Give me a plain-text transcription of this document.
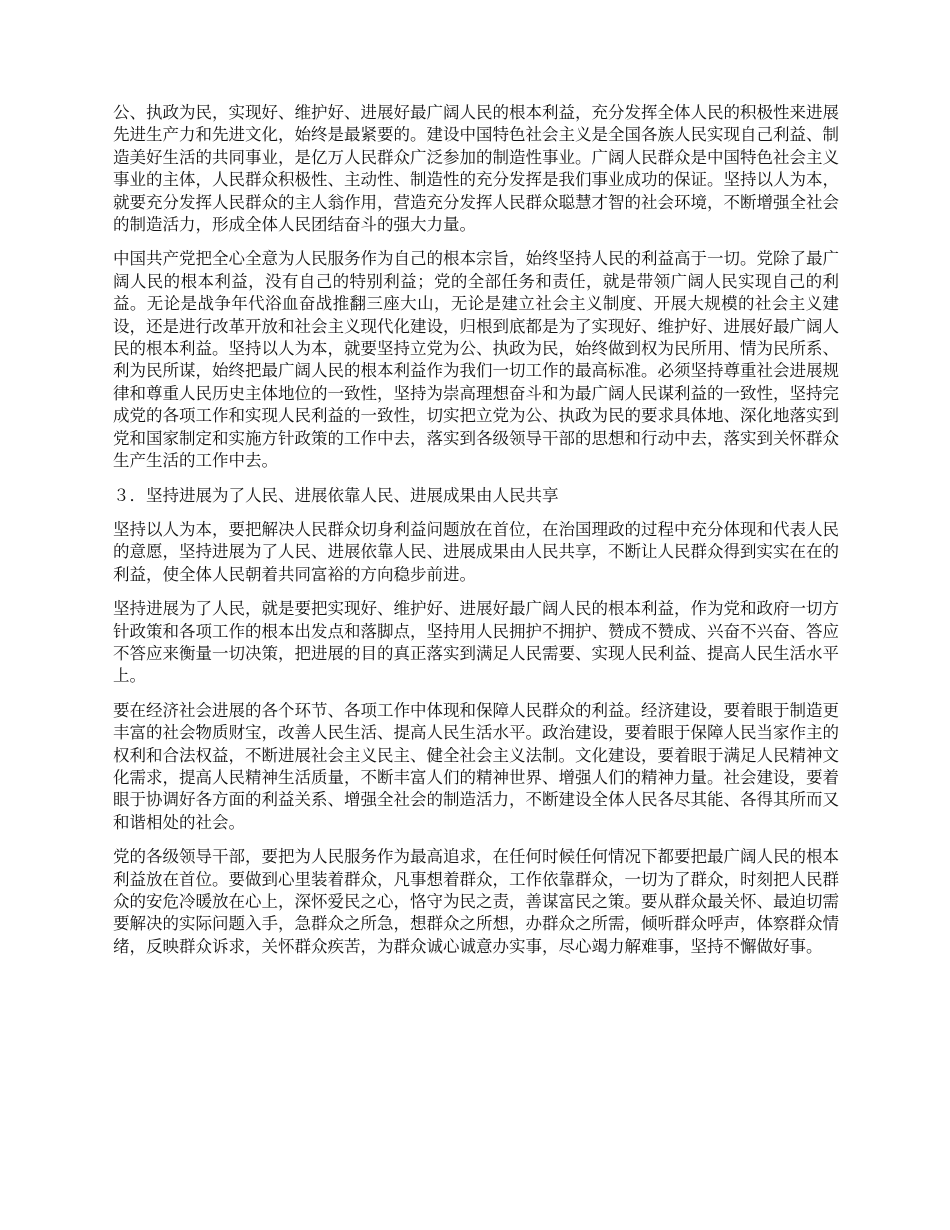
公、执政为民，实现好、维护好、进展好最广阔人民的根本利益，充分发挥全体人民的积极性来进展先进生产力和先进文化，始终是最紧要的。建设中国特色社会主义是全国各族人民实现自己利益、制造美好生活的共同事业，是亿万人民群众广泛参加的制造性事业。广阔人民群众是中国特色社会主义事业的主体，人民群众积极性、主动性、制造性的充分发挥是我们事业成功的保证。坚持以人为本，就要充分发挥人民群众的主人翁作用，营造充分发挥人民群众聪慧才智的社会环境，不断增强全社会的制造活力，形成全体人民团结奋斗的强大力量。

中国共产党把全心全意为人民服务作为自己的根本宗旨，始终坚持人民的利益高于一切。党除了最广阔人民的根本利益，没有自己的特别利益；党的全部任务和责任，就是带领广阔人民实现自己的利益。无论是战争年代浴血奋战推翻三座大山，无论是建立社会主义制度、开展大规模的社会主义建设，还是进行改革开放和社会主义现代化建设，归根到底都是为了实现好、维护好、进展好最广阔人民的根本利益。坚持以人为本，就要坚持立党为公、执政为民，始终做到权为民所用、情为民所系、利为民所谋，始终把最广阔人民的根本利益作为我们一切工作的最高标准。必须坚持尊重社会进展规律和尊重人民历史主体地位的一致性，坚持为崇高理想奋斗和为最广阔人民谋利益的一致性，坚持完成党的各项工作和实现人民利益的一致性，切实把立党为公、执政为民的要求具体地、深化地落实到党和国家制定和实施方针政策的工作中去，落实到各级领导干部的思想和行动中去，落实到关怀群众生产生活的工作中去。

３．坚持进展为了人民、进展依靠人民、进展成果由人民共享

坚持以人为本，要把解决人民群众切身利益问题放在首位，在治国理政的过程中充分体现和代表人民的意愿，坚持进展为了人民、进展依靠人民、进展成果由人民共享，不断让人民群众得到实实在在的利益，使全体人民朝着共同富裕的方向稳步前进。

坚持进展为了人民，就是要把实现好、维护好、进展好最广阔人民的根本利益，作为党和政府一切方针政策和各项工作的根本出发点和落脚点，坚持用人民拥护不拥护、赞成不赞成、兴奋不兴奋、答应不答应来衡量一切决策，把进展的目的真正落实到满足人民需要、实现人民利益、提高人民生活水平上。

要在经济社会进展的各个环节、各项工作中体现和保障人民群众的利益。经济建设，要着眼于制造更丰富的社会物质财宝，改善人民生活、提高人民生活水平。政治建设，要着眼于保障人民当家作主的权利和合法权益，不断进展社会主义民主、健全社会主义法制。文化建设，要着眼于满足人民精神文化需求，提高人民精神生活质量，不断丰富人们的精神世界、增强人们的精神力量。社会建设，要着眼于协调好各方面的利益关系、增强全社会的制造活力，不断建设全体人民各尽其能、各得其所而又和谐相处的社会。

党的各级领导干部，要把为人民服务作为最高追求，在任何时候任何情况下都要把最广阔人民的根本利益放在首位。要做到心里装着群众，凡事想着群众，工作依靠群众，一切为了群众，时刻把人民群众的安危冷暖放在心上，深怀爱民之心，恪守为民之责，善谋富民之策。要从群众最关怀、最迫切需要解决的实际问题入手，急群众之所急，想群众之所想，办群众之所需，倾听群众呼声，体察群众情绪，反映群众诉求，关怀群众疾苦，为群众诚心诚意办实事，尽心竭力解难事，坚持不懈做好事。
